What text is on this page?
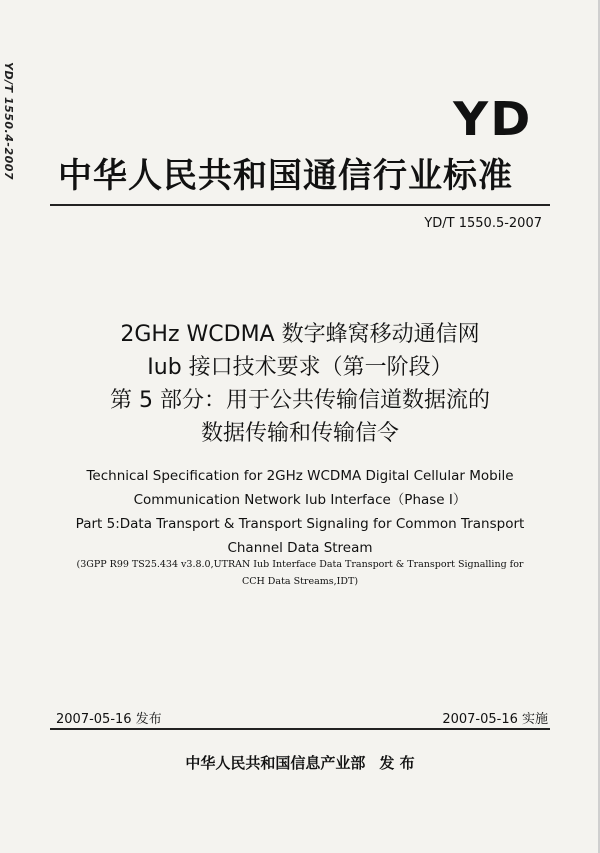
YD/T 1550.4-2007	YD
中华人民共和国通信行业标准
YD/T 1550.5-2007
2GHz WCDMA 数字蜂窝移动通信网
Iub 接口技术要求（第一阶段）
第 5 部分：用于公共传输信道数据流的
数据传输和传输信令
Technical Specification for 2GHz WCDMA Digital Cellular Mobile
Communication Network Iub Interface（Phase Ⅰ）
Part 5:Data Transport & Transport Signaling for Common Transport
Channel Data Stream
(3GPP R99 TS25.434 v3.8.0,UTRAN Iub Interface Data Transport & Transport Signalling for
CCH Data Streams,IDT)
2007-05-16 发布	2007-05-16 实施
中华人民共和国信息产业部 发 布
